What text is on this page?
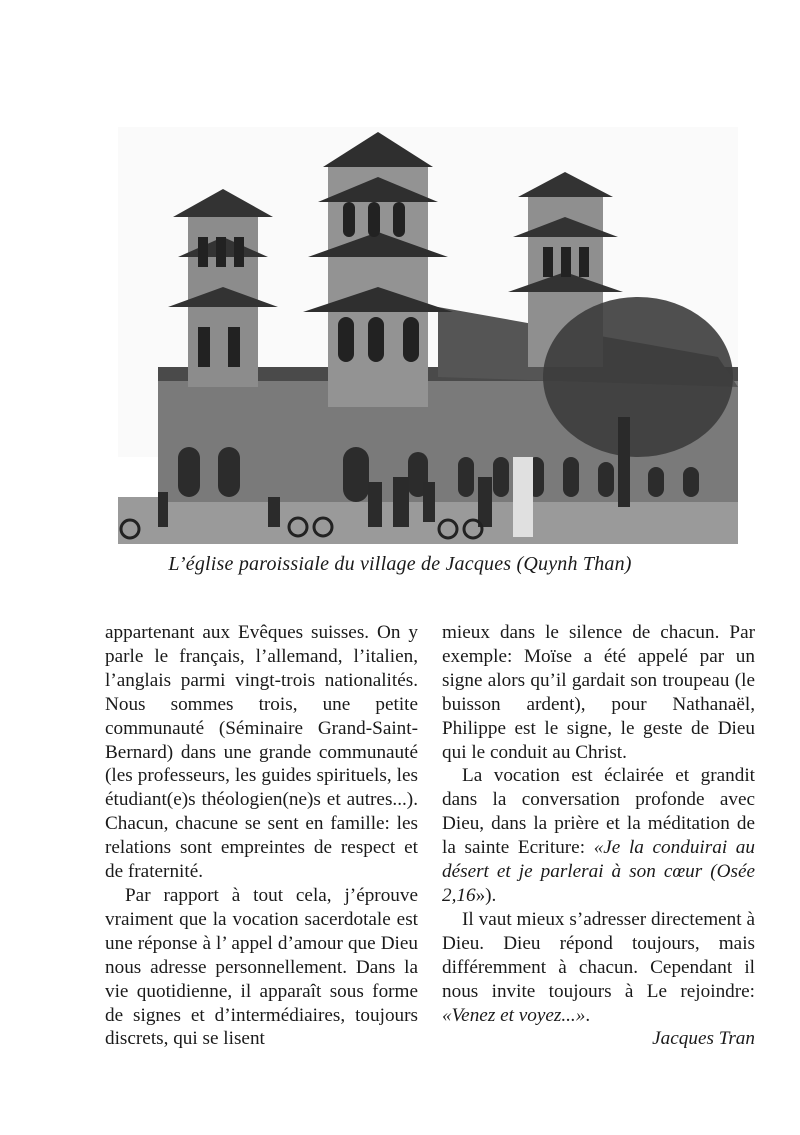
L’église paroissiale du village de Jacques (Quynh Than)

appartenant aux Evêques suisses. On y parle le français, l’allemand, l’italien, l’anglais parmi vingt-trois nationalités. Nous sommes trois, une petite communauté (Séminaire Grand-Saint-Bernard) dans une grande communauté (les professeurs, les guides spirituels, les étudiant(e)s théologien(ne)s et autres...). Chacun, chacune se sent en famille: les relations sont empreintes de respect et de fraternité.

Par rapport à tout cela, j’éprouve vraiment que la vocation sacerdotale est une réponse à l’ appel d’amour que Dieu nous adresse personnellement. Dans la vie quotidienne, il apparaît sous forme de signes et d’intermédiaires, toujours discrets, qui se lisent

mieux dans le silence de chacun. Par exemple: Moïse a été appelé par un signe alors qu’il gardait son troupeau (le buisson ardent), pour Nathanaël, Philippe est le signe, le geste de Dieu qui le conduit au Christ.

La vocation est éclairée et grandit dans la conversation profonde avec Dieu, dans la prière et la méditation de la sainte Ecriture: «Je la conduirai au désert et je parlerai à son cœur (Osée 2,16»).

Il vaut mieux s’adresser directement à Dieu. Dieu répond toujours, mais différemment à chacun. Cependant il nous invite toujours à Le rejoindre: «Venez et voyez...».

Jacques Tran
